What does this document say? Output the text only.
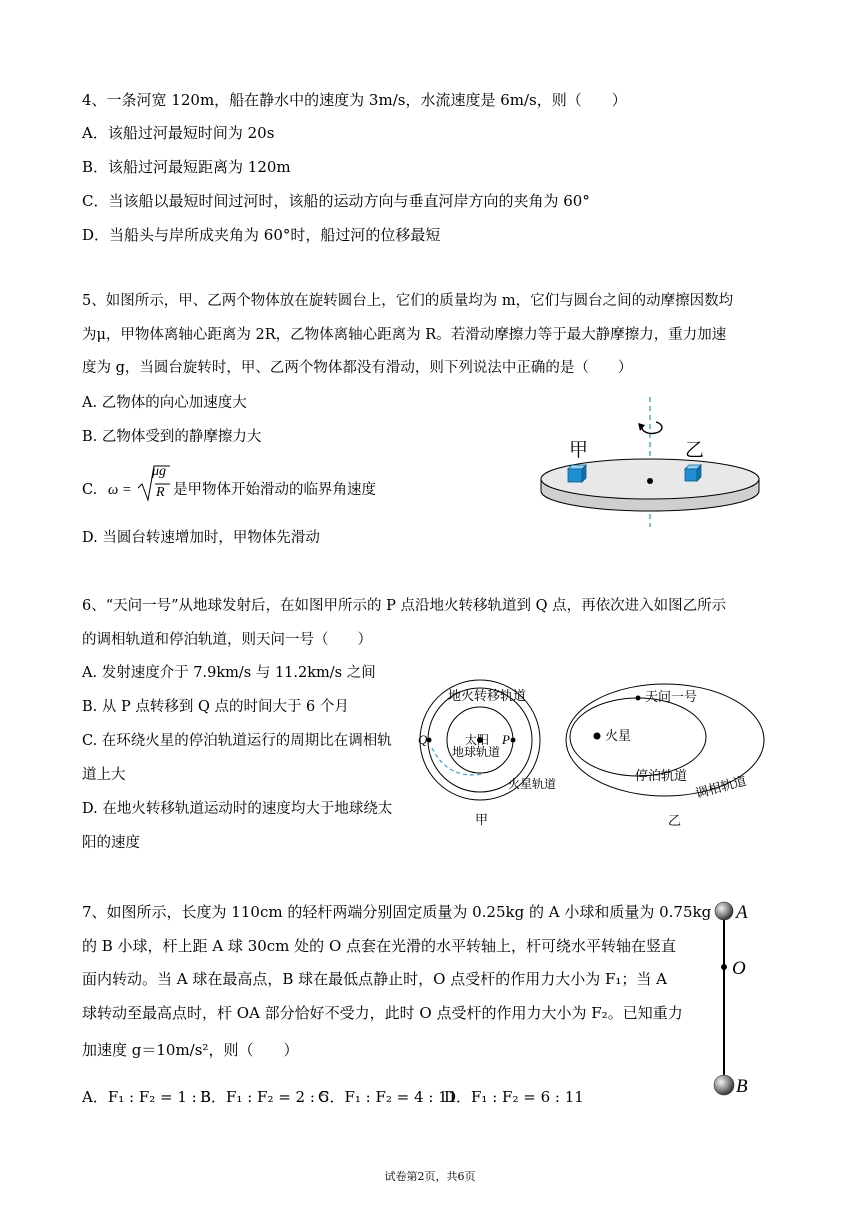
4、一条河宽 120m，船在静水中的速度为 3m/s，水流速度是 6m/s，则（　　）
A．该船过河最短时间为 20s
B．该船过河最短距离为 120m
C．当该船以最短时间过河时，该船的运动方向与垂直河岸方向的夹角为 60°
D．当船头与岸所成夹角为 60°时，船过河的位移最短
5、如图所示，甲、乙两个物体放在旋转圆台上，它们的质量均为 m，它们与圆台之间的动摩擦因数均
为μ，甲物体离轴心距离为 2R，乙物体离轴心距离为 R。若滑动摩擦力等于最大静摩擦力，重力加速
度为 g，当圆台旋转时，甲、乙两个物体都没有滑动，则下列说法中正确的是（　　）
A. 乙物体的向心加速度大
B. 乙物体受到的静摩擦力大
C. ω =
μg
R 是甲物体开始滑动的临界角速度
D. 当圆台转速增加时，甲物体先滑动
甲	乙
6、“天问一号”从地球发射后，在如图甲所示的 P 点沿地火转移轨道到 Q 点，再依次进入如图乙所示
的调相轨道和停泊轨道，则天问一号（　　）
A. 发射速度介于 7.9km/s 与 11.2km/s 之间
B. 从 P 点转移到 Q 点的时间大于 6 个月
C. 在环绕火星的停泊轨道运行的周期比在调相轨
道上大
D. 在地火转移轨道运动时的速度均大于地球绕太
阳的速度
地火转移轨道
太阳
地球轨道
火星轨道
Q	P
甲
天问一号
火星
停泊轨道 调相轨道
乙
7、如图所示，长度为 110cm 的轻杆两端分别固定质量为 0.25kg 的 A 小球和质量为 0.75kg
的 B 小球，杆上距 A 球 30cm 处的 O 点套在光滑的水平转轴上，杆可绕水平转轴在竖直
面内转动。当 A 球在最高点，B 球在最低点静止时，O 点受杆的作用力大小为 F₁；当 A
球转动至最高点时，杆 OA 部分恰好不受力，此时 O 点受杆的作用力大小为 F₂。已知重力
加速度 g＝10m/s²，则（　　）
A．F₁ : F₂ = 1 : 3
B．F₁ : F₂ = 2 : 5
C．F₁ : F₂ = 4 : 11
D．F₁ : F₂ = 6 : 11
A
O
B
试卷第2页，共6页
